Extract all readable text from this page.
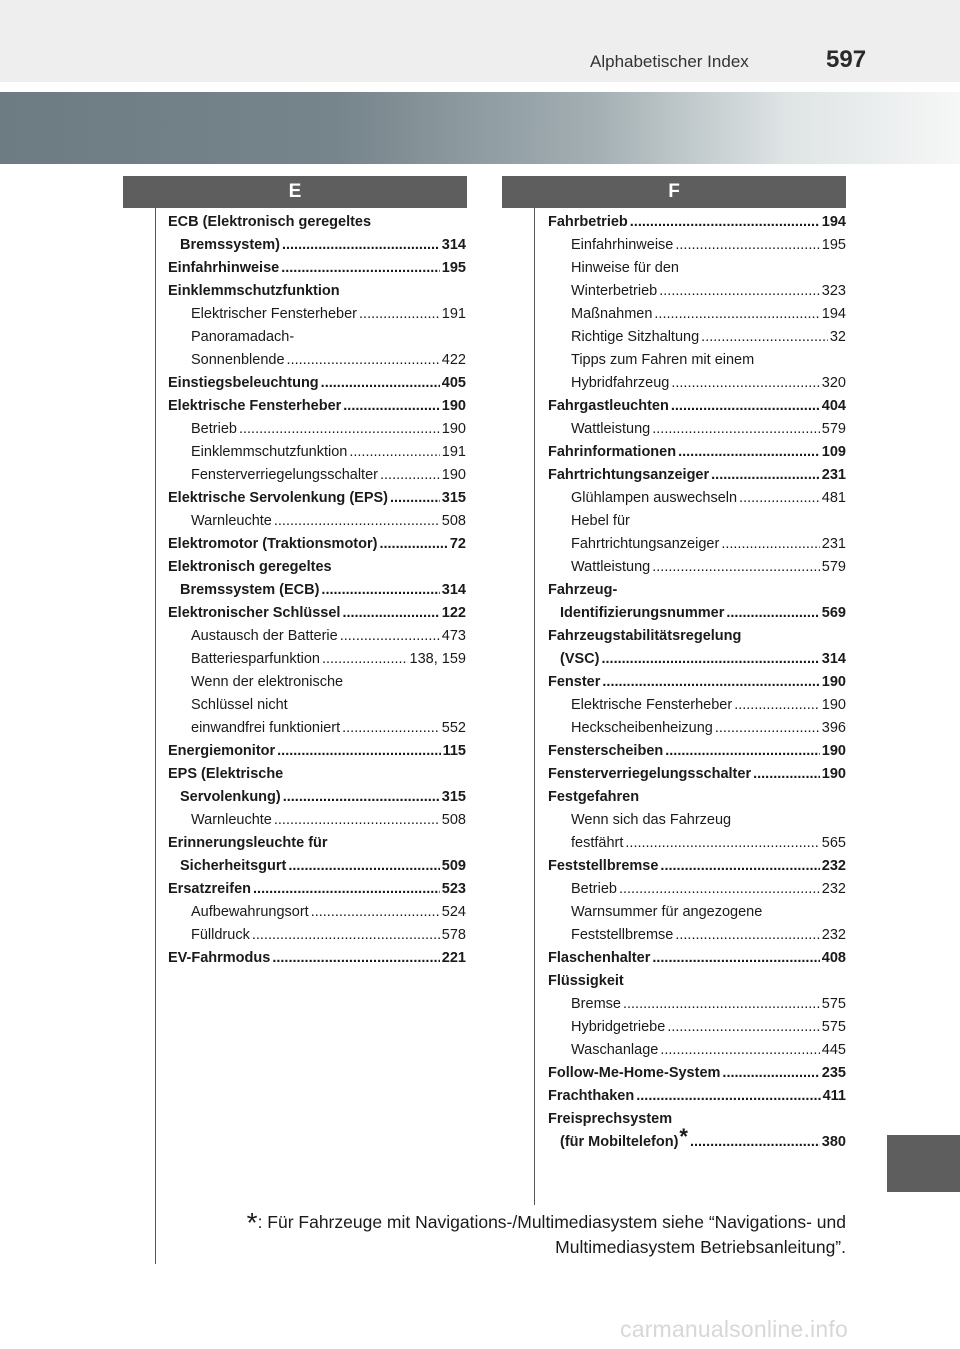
Alphabetischer Index	597
E	F
ECB (Elektronisch geregeltes
Bremssystem) .....	314
Einfahrhinweise .....	195
Einklemmschutzfunktion
Elektrischer Fensterheber .....	191
Panoramadach-
Sonnenblende .....	422
Einstiegsbeleuchtung .....	405
Elektrische Fensterheber .....	190
Betrieb .....	190
Einklemmschutzfunktion .....	191
Fensterverriegelungsschalter .....	190
Elektrische Servolenkung (EPS) .....	315
Warnleuchte .....	508
Elektromotor (Traktionsmotor) .....	72
Elektronisch geregeltes
Bremssystem (ECB) .....	314
Elektronischer Schlüssel .....	122
Austausch der Batterie .....	473
Batteriesparfunktion .....	138, 159
Wenn der elektronische
Schlüssel nicht
einwandfrei funktioniert .....	552
Energiemonitor .....	115
EPS (Elektrische
Servolenkung) .....	315
Warnleuchte .....	508
Erinnerungsleuchte für
Sicherheitsgurt .....	509
Ersatzreifen .....	523
Aufbewahrungsort .....	524
Fülldruck .....	578
EV-Fahrmodus .....	221
Fahrbetrieb .....	194
Einfahrhinweise .....	195
Hinweise für den
Winterbetrieb .....	323
Maßnahmen .....	194
Richtige Sitzhaltung .....	32
Tipps zum Fahren mit einem
Hybridfahrzeug .....	320
Fahrgastleuchten .....	404
Wattleistung .....	579
Fahrinformationen .....	109
Fahrtrichtungsanzeiger .....	231
Glühlampen auswechseln .....	481
Hebel für
Fahrtrichtungsanzeiger .....	231
Wattleistung .....	579
Fahrzeug-
Identifizierungsnummer .....	569
Fahrzeugstabilitätsregelung
(VSC) .....	314
Fenster .....	190
Elektrische Fensterheber .....	190
Heckscheibenheizung .....	396
Fensterscheiben .....	190
Fensterverriegelungsschalter .....	190
Festgefahren
Wenn sich das Fahrzeug
festfährt .....	565
Feststellbremse .....	232
Betrieb .....	232
Warnsummer für angezogene
Feststellbremse .....	232
Flaschenhalter .....	408
Flüssigkeit
Bremse .....	575
Hybridgetriebe .....	575
Waschanlage .....	445
Follow-Me-Home-System .....	235
Frachthaken .....	411
Freisprechsystem
(für Mobiltelefon) * .....	380
*: Für Fahrzeuge mit Navigations-/Multimediasystem siehe “Navigations- und
Multimediasystem Betriebsanleitung”.
carmanualsonline.info
